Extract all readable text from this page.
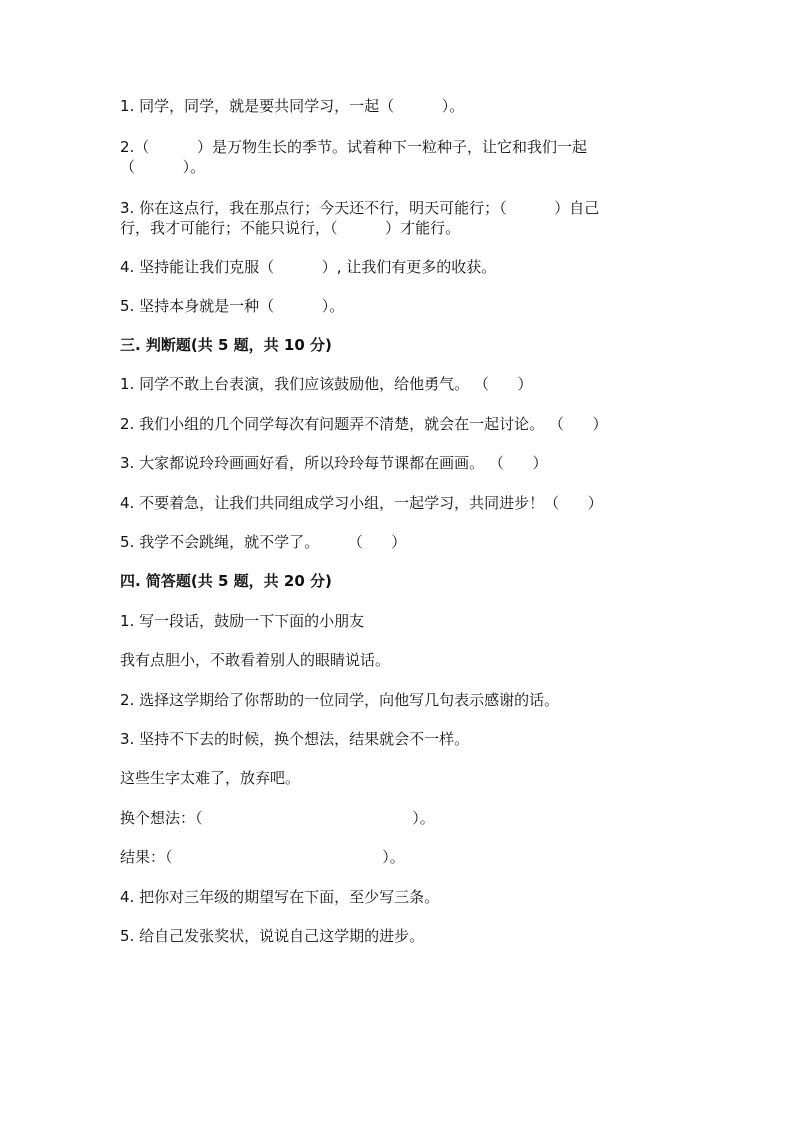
1. 同学，同学，就是要共同学习，一起（          ）。
2.（          ）是万物生长的季节。试着种下一粒种子，让它和我们一起
（          ）。
3. 你在这点行，我在那点行；今天还不行，明天可能行；（          ）自己
行，我才可能行；不能只说行，（          ）才能行。
4. 坚持能让我们克服（          ）, 让我们有更多的收获。
5. 坚持本身就是一种（          ）。
三. 判断题(共 5 题，共 10 分)
1. 同学不敢上台表演，我们应该鼓励他，给他勇气。 （      ）
2. 我们小组的几个同学每次有问题弄不清楚，就会在一起讨论。 （      ）
3. 大家都说玲玲画画好看，所以玲玲每节课都在画画。 （      ）
4. 不要着急，让我们共同组成学习小组，一起学习，共同进步！（      ）
5. 我学不会跳绳，就不学了。      （      ）
四. 简答题(共 5 题，共 20 分)
1. 写一段话，鼓励一下下面的小朋友
我有点胆小，不敢看着别人的眼睛说话。
2. 选择这学期给了你帮助的一位同学，向他写几句表示感谢的话。
3. 坚持不下去的时候，换个想法，结果就会不一样。
这些生字太难了，放弃吧。
换个想法：（                                            ）。
结果：（                                            ）。
4. 把你对三年级的期望写在下面，至少写三条。
5. 给自己发张奖状，说说自己这学期的进步。
